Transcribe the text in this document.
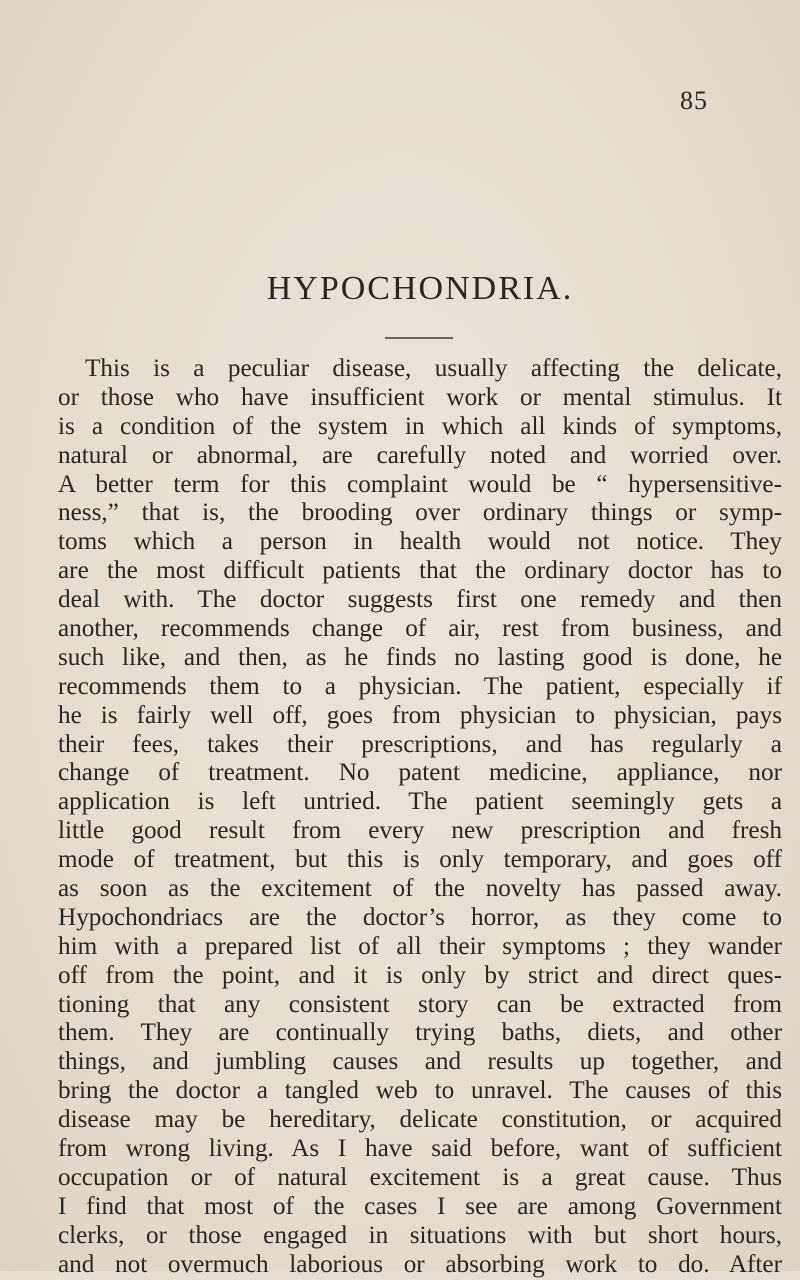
85
HYPOCHONDRIA.
This is a peculiar disease, usually affecting the delicate,
or those who have insufficient work or mental stimulus. It
is a condition of the system in which all kinds of symptoms,
natural or abnormal, are carefully noted and worried over.
A better term for this complaint would be “ hypersensitive-
ness,” that is, the brooding over ordinary things or symp-
toms which a person in health would not notice. They
are the most difficult patients that the ordinary doctor has to
deal with. The doctor suggests first one remedy and then
another, recommends change of air, rest from business, and
such like, and then, as he finds no lasting good is done, he
recommends them to a physician. The patient, especially if
he is fairly well off, goes from physician to physician, pays
their fees, takes their prescriptions, and has regularly a
change of treatment. No patent medicine, appliance, nor
application is left untried. The patient seemingly gets a
little good result from every new prescription and fresh
mode of treatment, but this is only temporary, and goes off
as soon as the excitement of the novelty has passed away.
Hypochondriacs are the doctor’s horror, as they come to
him with a prepared list of all their symptoms ; they wander
off from the point, and it is only by strict and direct ques-
tioning that any consistent story can be extracted from
them. They are continually trying baths, diets, and other
things, and jumbling causes and results up together, and
bring the doctor a tangled web to unravel. The causes of this
disease may be hereditary, delicate constitution, or acquired
from wrong living. As I have said before, want of sufficient
occupation or of natural excitement is a great cause. Thus
I find that most of the cases I see are among Government
clerks, or those engaged in situations with but short hours,
and not overmuch laborious or absorbing work to do. After
